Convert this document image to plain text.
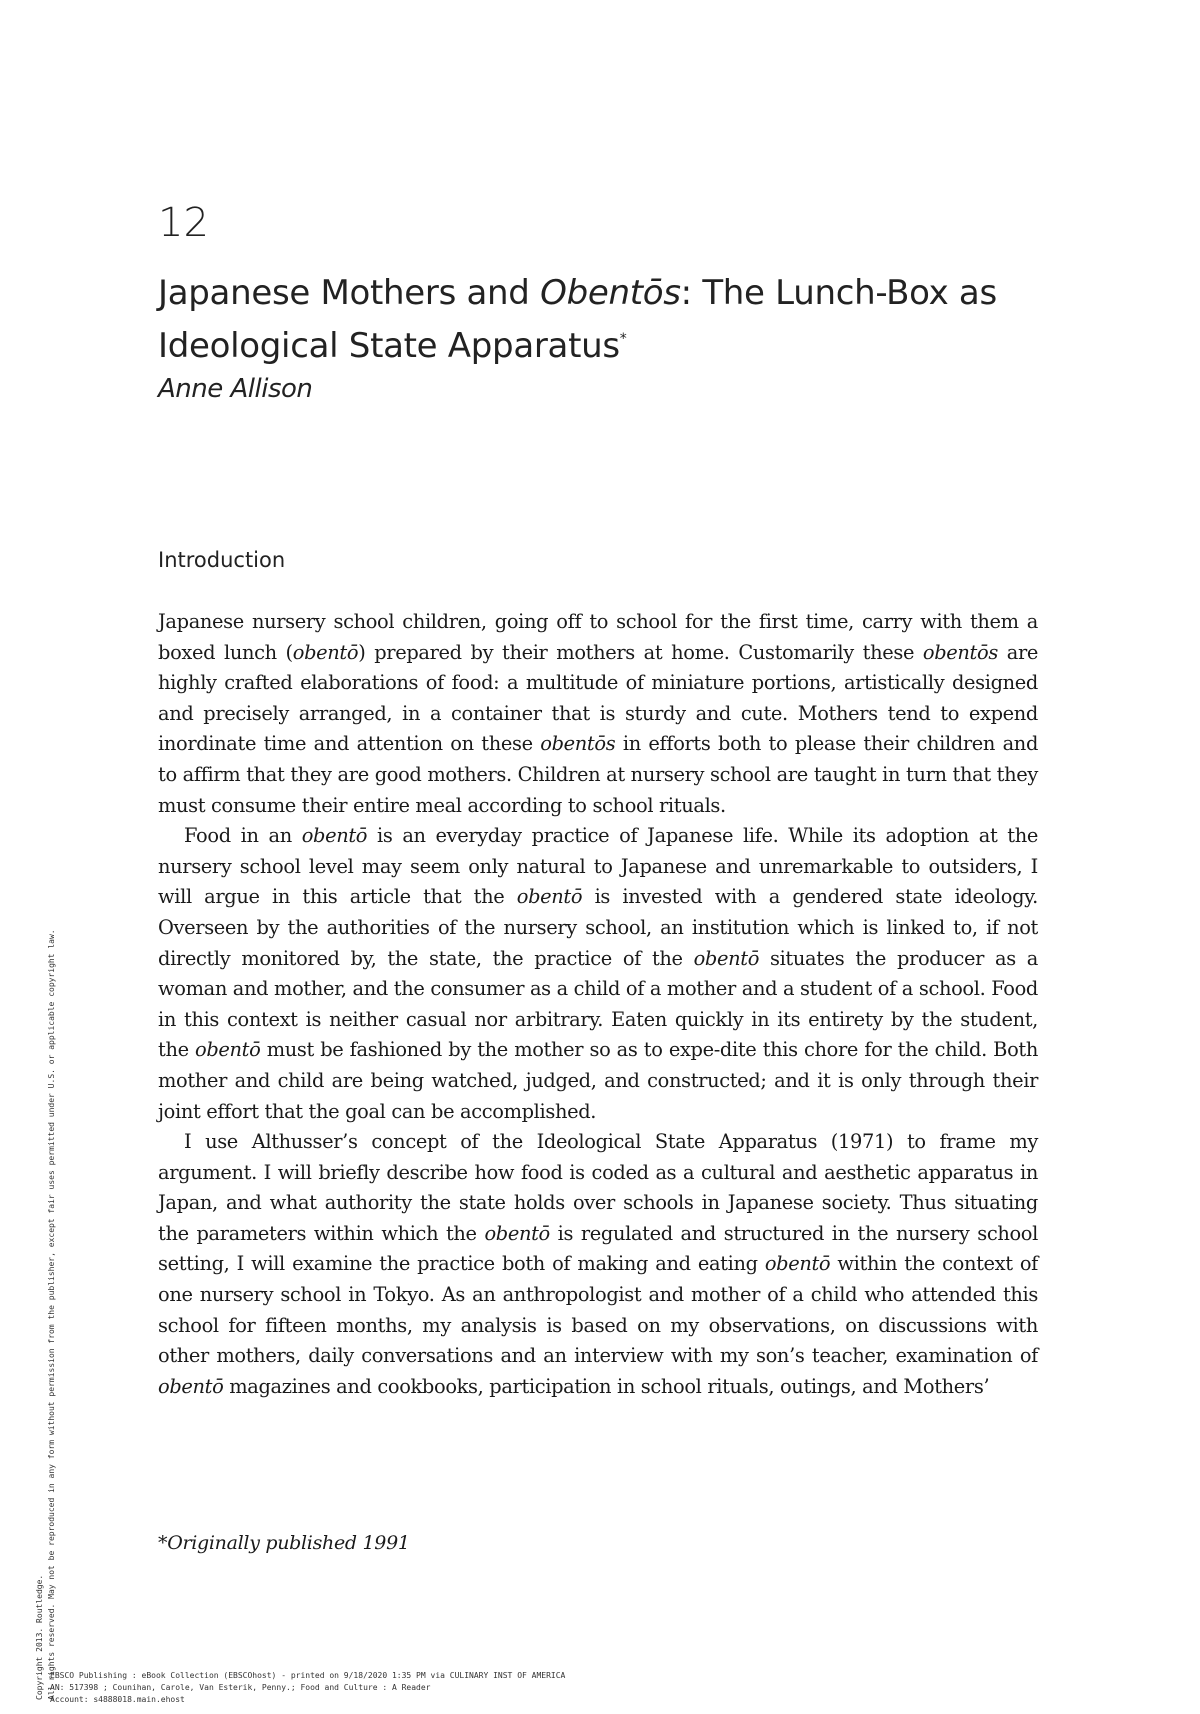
12
Japanese Mothers and Obentōs: The Lunch-Box as Ideological State Apparatus*
Anne Allison
Introduction

Japanese nursery school children, going off to school for the first time, carry with them a boxed lunch (obentō) prepared by their mothers at home. Customarily these obentōs are highly crafted elaborations of food: a multitude of miniature portions, artistically designed and precisely arranged, in a container that is sturdy and cute. Mothers tend to expend inordinate time and attention on these obentōs in efforts both to please their children and to affirm that they are good mothers. Children at nursery school are taught in turn that they must consume their entire meal according to school rituals.

Food in an obentō is an everyday practice of Japanese life. While its adoption at the nursery school level may seem only natural to Japanese and unremarkable to outsiders, I will argue in this article that the obentō is invested with a gendered state ideology. Overseen by the authorities of the nursery school, an institution which is linked to, if not directly monitored by, the state, the practice of the obentō situates the producer as a woman and mother, and the consumer as a child of a mother and a student of a school. Food in this context is neither casual nor arbitrary. Eaten quickly in its entirety by the student, the obentō must be fashioned by the mother so as to expe-dite this chore for the child. Both mother and child are being watched, judged, and constructed; and it is only through their joint effort that the goal can be accomplished.

I use Althusser’s concept of the Ideological State Apparatus (1971) to frame my argument. I will briefly describe how food is coded as a cultural and aesthetic apparatus in Japan, and what authority the state holds over schools in Japanese society. Thus situating the parameters within which the obentō is regulated and structured in the nursery school setting, I will examine the practice both of making and eating obentō within the context of one nursery school in Tokyo. As an anthropologist and mother of a child who attended this school for fifteen months, my analysis is based on my observations, on discussions with other mothers, daily conversations and an interview with my son’s teacher, examination of obentō magazines and cookbooks, participation in school rituals, outings, and Mothers’

*Originally published 1991
Copyright 2013. Routledge. All rights reserved. May not be reproduced in any form without permission from the publisher, except fair uses permitted under U.S. or applicable copyright law.
EBSCO Publishing : eBook Collection (EBSCOhost) - printed on 9/18/2020 1:35 PM via CULINARY INST OF AMERICA
AN: 517398 ; Counihan, Carole, Van Esterik, Penny.; Food and Culture : A Reader
Account: s4888018.main.ehost
